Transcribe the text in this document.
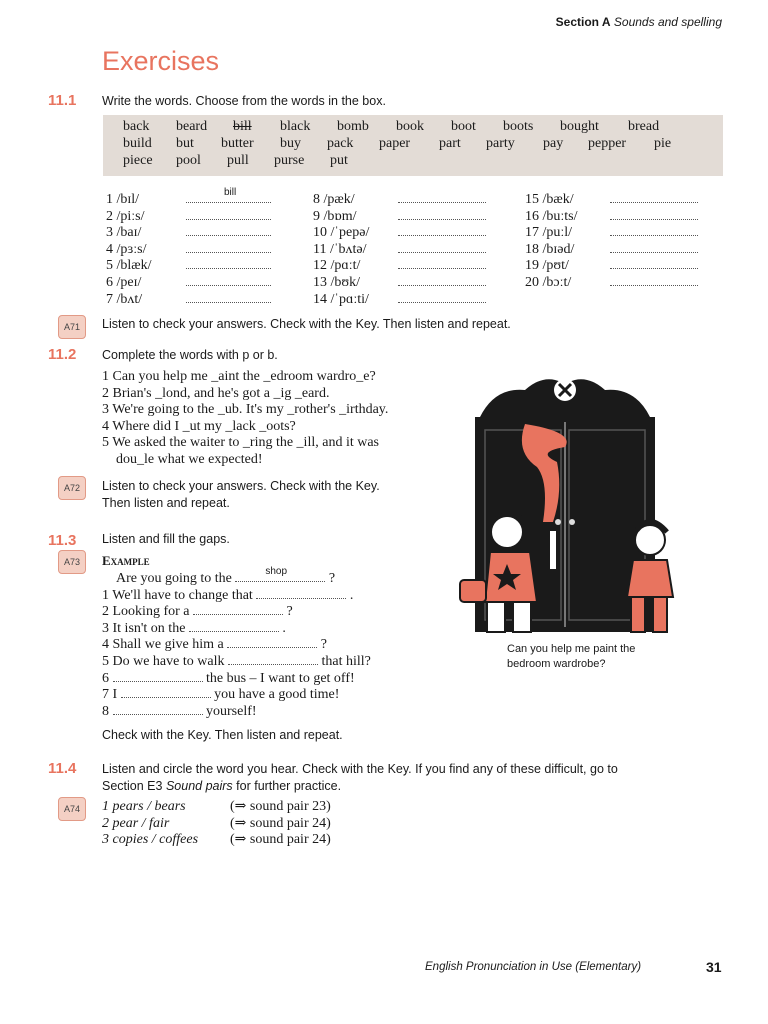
Section A Sounds and spelling
Exercises
11.1 Write the words. Choose from the words in the box.
back beard bill black bomb book boot boots bought bread
build but butter buy pack paper part party pay pepper pie
piece pool pull purse put
1 /bɪl/	bill
2 /piːs/
3 /baɪ/
4 /pɜːs/
5 /blæk/
6 /peɪ/
7 /bʌt/
8 /pæk/
9 /bɒm/
10 /ˈpepə/
11 /ˈbʌtə/
12 /pɑːt/
13 /bʊk/
14 /ˈpɑːti/
15 /bæk/
16 /buːts/
17 /puːl/
18 /bɪəd/
19 /pʊt/
20 /bɔːt/
A71	Listen to check your answers. Check with the Key. Then listen and repeat.
11.2 Complete the words with p or b.
1 Can you help me _aint the _edroom wardro_e?
2 Brian's _lond, and he's got a _ig _eard.
3 We're going to the _ub. It's my _rother's _irthday.
4 Where did I _ut my _lack _oots?
5 We asked the waiter to _ring the _ill, and it was
dou_le what we expected!
A72	Listen to check your answers. Check with the Key.
Then listen and repeat.
Can you help me paint the
bedroom wardrobe?
11.3 Listen and fill the gaps.
A73	Example
Are you going to the	shop	?
1 We'll have to change that	.
2 Looking for a	?
3 It isn't on the	.
4 Shall we give him a	?
5 Do we have to walk	that hill?
6	the bus – I want to get off!
7 I	you have a good time!
8	yourself!
Check with the Key. Then listen and repeat.
11.4 Listen and circle the word you hear. Check with the Key. If you find any of these difficult, go to
Section E3 Sound pairs for further practice.
A74	1 pears / bears	(⇒ sound pair 23)
2 pear / fair	(⇒ sound pair 24)
3 copies / coffees (⇒ sound pair 24)
English Pronunciation in Use (Elementary)	31
